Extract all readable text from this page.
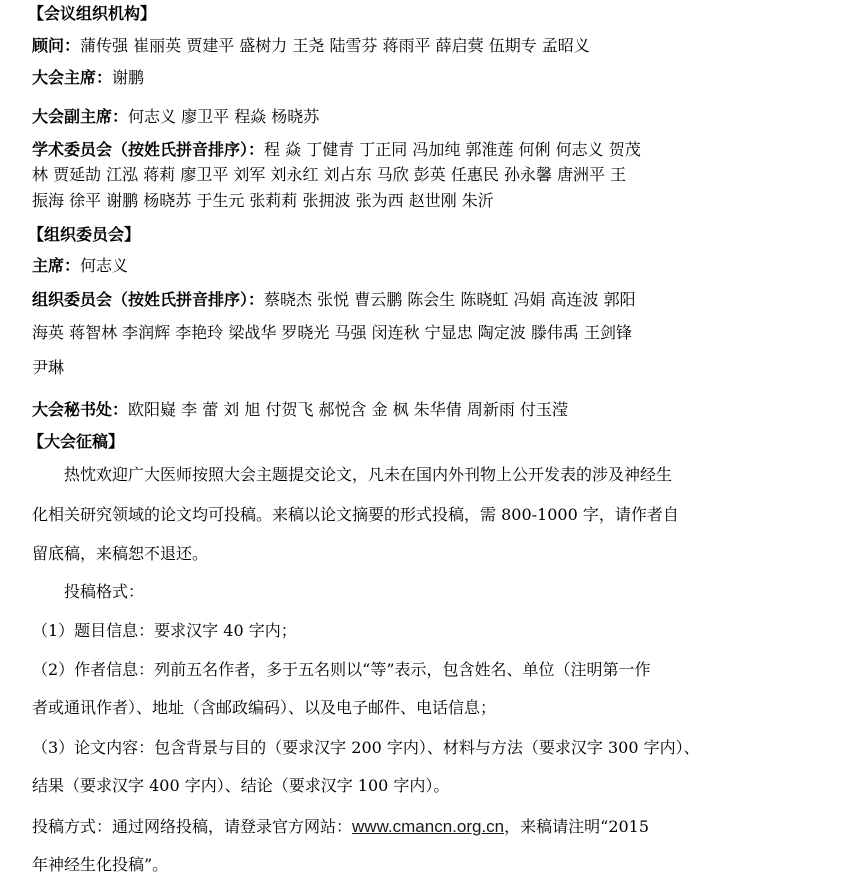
【会议组织机构】
顾问：蒲传强 崔丽英 贾建平 盛树力 王尧 陆雪芬 蒋雨平 薛启蓂 伍期专 孟昭义
大会主席：谢鹏
大会副主席：何志义 廖卫平 程焱 杨晓苏
学术委员会（按姓氏拼音排序）：程 焱 丁健青 丁正同 冯加纯 郭淮莲 何俐 何志义 贺茂
林 贾延劼 江泓 蒋莉 廖卫平 刘军 刘永红 刘占东 马欣 彭英 任惠民 孙永馨 唐洲平 王
振海 徐平 谢鹏 杨晓苏 于生元 张莉莉 张拥波 张为西 赵世刚 朱沂
【组织委员会】
主席：何志义
组织委员会（按姓氏拼音排序）：蔡晓杰 张悦 曹云鹏 陈会生 陈晓虹 冯娟 高连波 郭阳
海英 蒋智林 李润辉 李艳玲 梁战华 罗晓光 马强 闵连秋 宁显忠 陶定波 滕伟禹 王剑锋
尹琳
大会秘书处：欧阳嶷 李 蕾 刘 旭 付贺飞 郝悦含 金 枫 朱华倩 周新雨 付玉滢
【大会征稿】
热忱欢迎广大医师按照大会主题提交论文，凡未在国内外刊物上公开发表的涉及神经生
化相关研究领域的论文均可投稿。来稿以论文摘要的形式投稿，需 800-1000 字，请作者自
留底稿，来稿恕不退还。
投稿格式：
（1）题目信息：要求汉字 40 字内；
（2）作者信息：列前五名作者，多于五名则以“等”表示，包含姓名、单位（注明第一作
者或通讯作者）、地址（含邮政编码）、以及电子邮件、电话信息；
（3）论文内容：包含背景与目的（要求汉字 200 字内）、材料与方法（要求汉字 300 字内）、
结果（要求汉字 400 字内）、结论（要求汉字 100 字内）。
投稿方式：通过网络投稿，请登录官方网站：www.cmancn.org.cn，来稿请注明“2015
年神经生化投稿”。
